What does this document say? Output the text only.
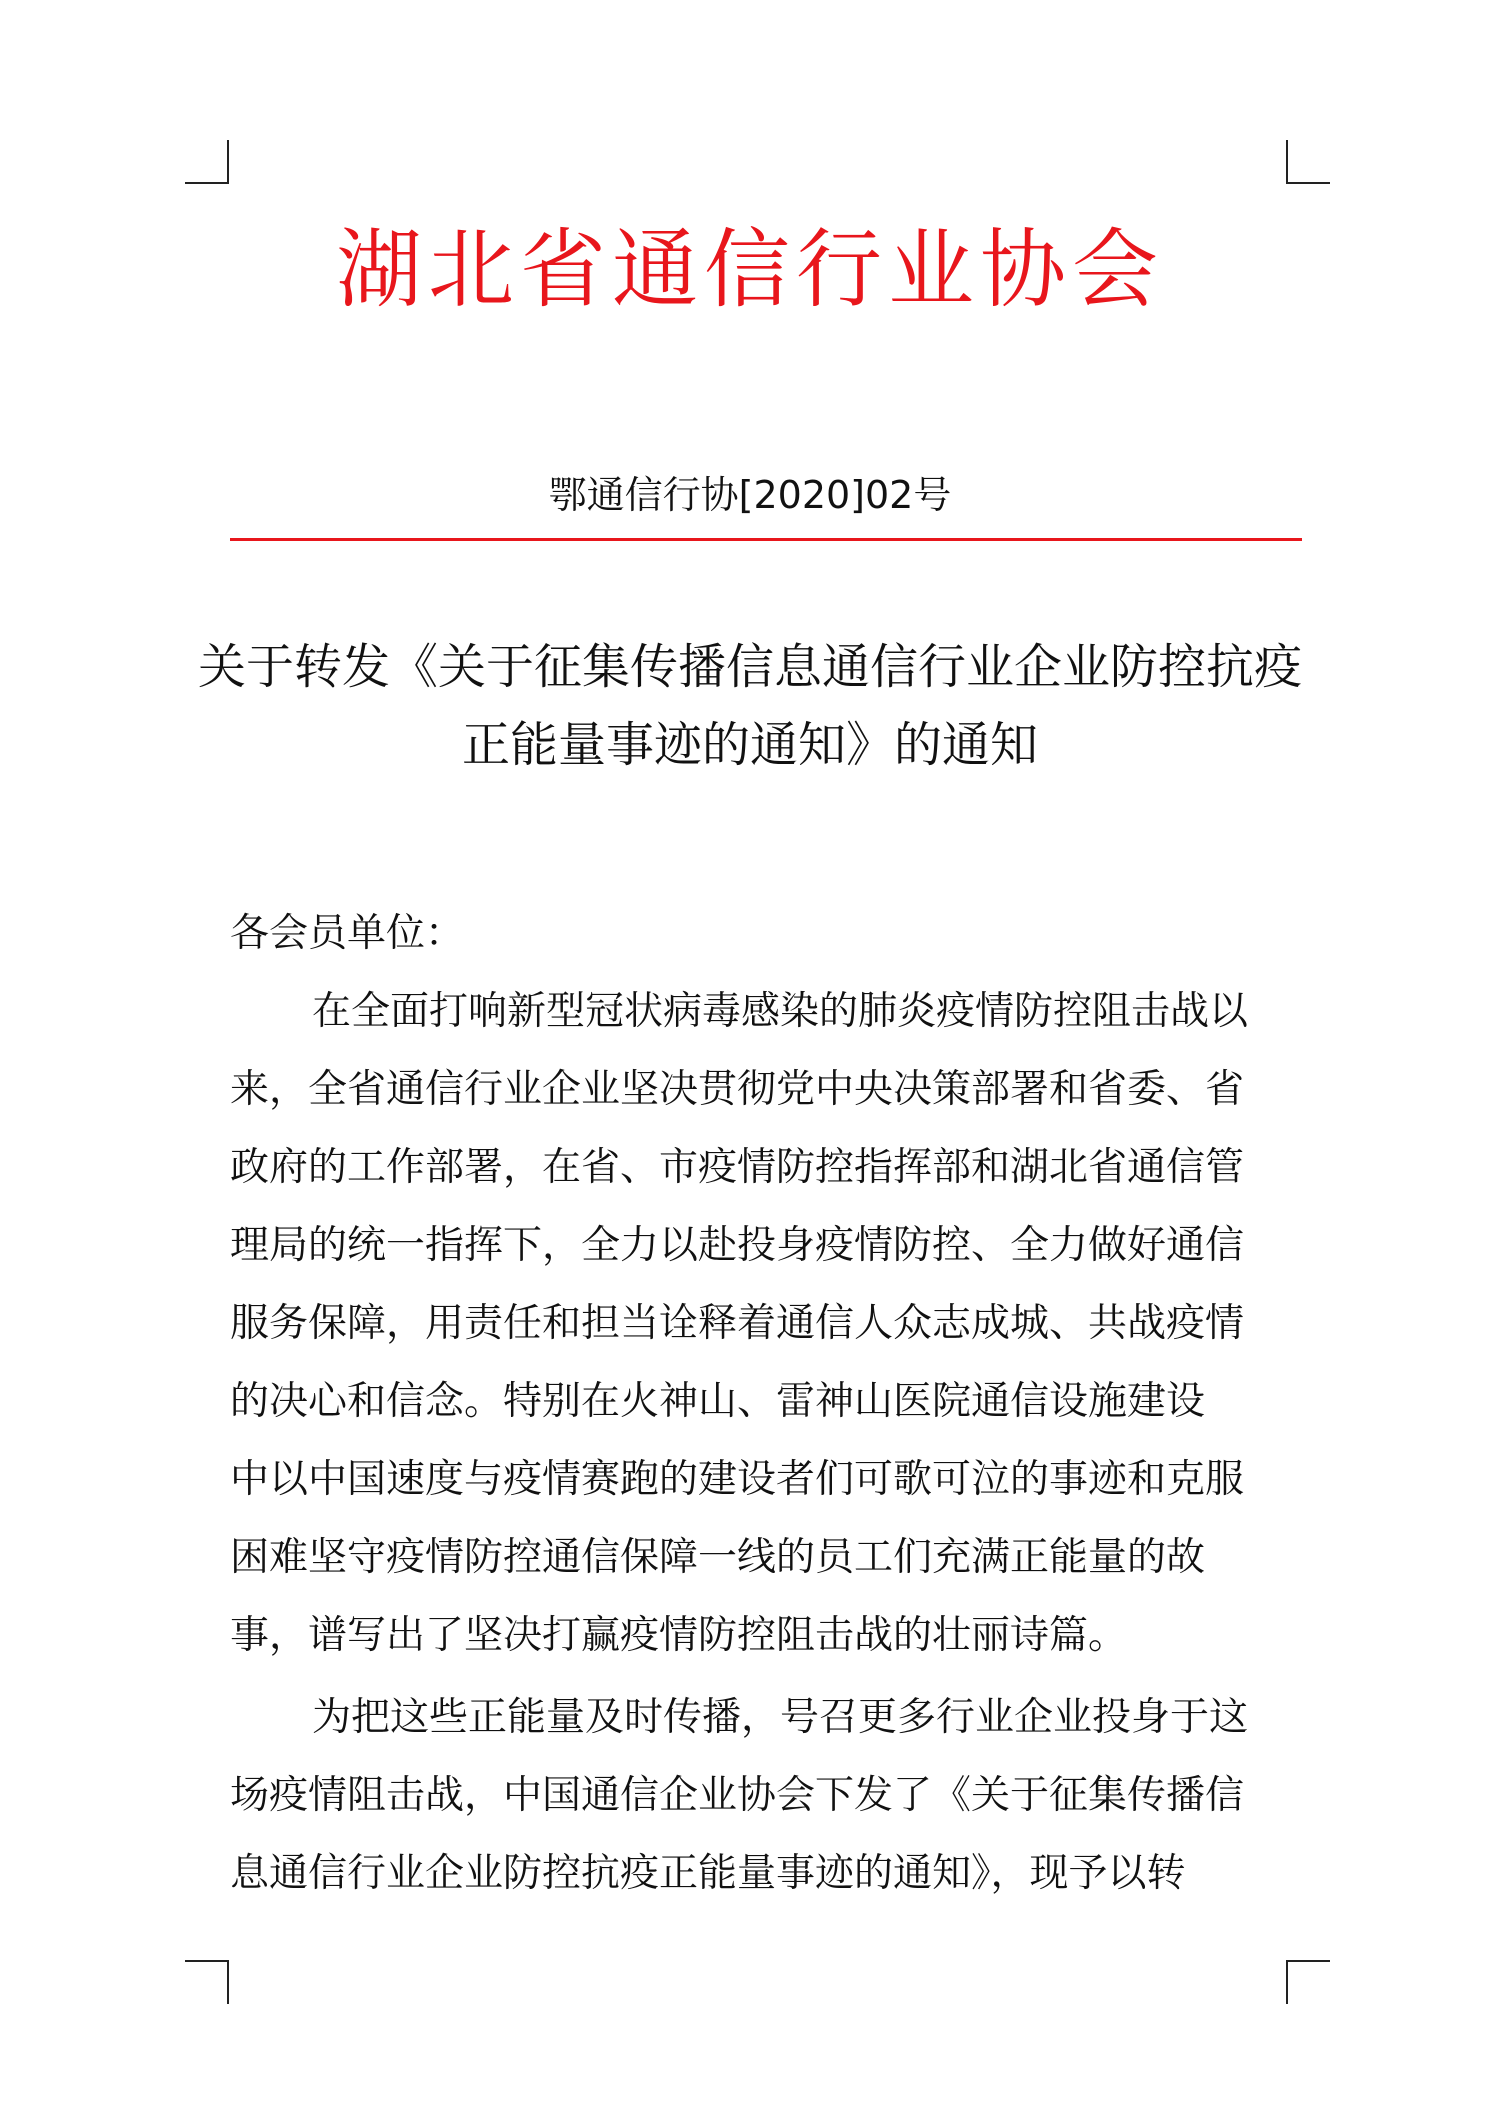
湖北省通信行业协会
鄂通信行协[2020]02号
关于转发《关于征集传播信息通信行业企业防控抗疫
正能量事迹的通知》的通知
各会员单位：
在全面打响新型冠状病毒感染的肺炎疫情防控阻击战以
来，全省通信行业企业坚决贯彻党中央决策部署和省委、省
政府的工作部署，在省、市疫情防控指挥部和湖北省通信管
理局的统一指挥下，全力以赴投身疫情防控、全力做好通信
服务保障，用责任和担当诠释着通信人众志成城、共战疫情
的决心和信念。特别在火神山、雷神山医院通信设施建设
中以中国速度与疫情赛跑的建设者们可歌可泣的事迹和克服
困难坚守疫情防控通信保障一线的员工们充满正能量的故
事，谱写出了坚决打赢疫情防控阻击战的壮丽诗篇。
为把这些正能量及时传播，号召更多行业企业投身于这
场疫情阻击战，中国通信企业协会下发了《关于征集传播信
息通信行业企业防控抗疫正能量事迹的通知》，现予以转
